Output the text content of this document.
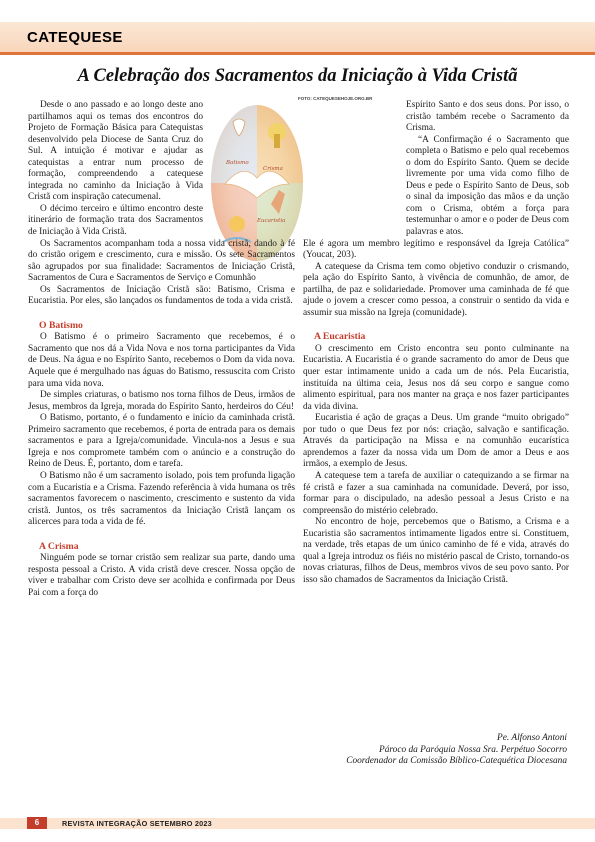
CATEQUESE
A Celebração dos Sacramentos da Iniciação à Vida Cristã
FOTO: CATEQUESEHOJE.ORG.BR
Batismo
Crisma
Eucaristia

Desde o ano passado e ao longo deste ano partilhamos aqui os temas dos encontros do Projeto de Formação Básica para Catequistas desenvolvido pela Diocese de Santa Cruz do Sul. A intuição é motivar e ajudar as catequistas a entrar num processo de formação, compreendendo a catequese integrada no caminho da Iniciação à Vida Cristã com inspiração catecumenal.

O décimo terceiro e último encontro deste itinerário de formação trata dos Sacramentos de Iniciação à Vida Cristã.

Os Sacramentos acompanham toda a nossa vida cristã, dando à fé do cristão origem e crescimento, cura e missão. Os sete Sacramentos são agrupados por sua finalidade: Sacramentos de Iniciação Cristã, Sacramentos de Cura e Sacramentos de Serviço e Comunhão

Os Sacramentos de Iniciação Cristã são: Batismo, Crisma e Eucaristia. Por eles, são lançados os fundamentos de toda a vida cristã.

O Batismo

O Batismo é o primeiro Sacramento que recebemos, é o Sacramento que nos dá a Vida Nova e nos torna participantes da Vida de Deus. Na água e no Espírito Santo, recebemos o Dom da vida nova. Aquele que é mergulhado nas águas do Batismo, ressuscita com Cristo para uma vida nova.

De simples criaturas, o batismo nos torna filhos de Deus, irmãos de Jesus, membros da Igreja, morada do Espírito Santo, herdeiros do Céu!

O Batismo, portanto, é o fundamento e início da caminhada cristã. Primeiro sacramento que recebemos, é porta de entrada para os demais sacramentos e para a Igreja/comunidade. Vincula-nos a Jesus e sua Igreja e nos compromete também com o anúncio e a construção do Reino de Deus. É, portanto, dom e tarefa.

O Batismo não é um sacramento isolado, pois tem profunda ligação com a Eucaristia e a Crisma. Fazendo referência à vida humana os três sacramentos favorecem o nascimento, crescimento e sustento da vida cristã. Juntos, os três sacramentos da Iniciação Cristã lançam os alicerces para toda a vida de fé.

A Crisma

Ninguém pode se tornar cristão sem realizar sua parte, dando uma resposta pessoal a Cristo. A vida cristã deve crescer. Nossa opção de viver e trabalhar com Cristo deve ser acolhida e confirmada por Deus Pai com a força do

Espírito Santo e dos seus dons. Por isso, o cristão também recebe o Sacramento da Crisma.

“A Confirmação é o Sacramento que completa o Batismo e pelo qual recebemos o dom do Espírito Santo. Quem se decide livremente por uma vida como filho de Deus e pede o Espírito Santo de Deus, sob o sinal da imposição das mãos e da unção com o Crisma, obtém a força para testemunhar o amor e o poder de Deus com palavras e atos.

Ele é agora um membro legítimo e responsável da Igreja Católica” (Youcat, 203).

A catequese da Crisma tem como objetivo conduzir o crismando, pela ação do Espírito Santo, à vivência de comunhão, de amor, de partilha, de paz e solidariedade. Promover uma caminhada de fé que ajude o jovem a crescer como pessoa, a construir o sentido da vida e assumir sua missão na Igreja (comunidade).

A Eucaristia

O crescimento em Cristo encontra seu ponto culminante na Eucaristia. A Eucaristia é o grande sacramento do amor de Deus que quer estar intimamente unido a cada um de nós. Pela Eucaristia, instituída na última ceia, Jesus nos dá seu corpo e sangue como alimento espiritual, para nos manter na graça e nos fazer participantes da vida divina.

Eucaristia é ação de graças a Deus. Um grande “muito obrigado” por tudo o que Deus fez por nós: criação, salvação e santificação. Através da participação na Missa e na comunhão eucarística aprendemos a fazer da nossa vida um Dom de amor a Deus e aos irmãos, a exemplo de Jesus.

A catequese tem a tarefa de auxiliar o catequizando a se firmar na fé cristã e fazer a sua caminhada na comunidade. Deverá, por isso, formar para o discipulado, na adesão pessoal a Jesus Cristo e na compreensão do mistério celebrado.

No encontro de hoje, percebemos que o Batismo, a Crisma e a Eucaristia são sacramentos intimamente ligados entre si. Constituem, na verdade, três etapas de um único caminho de fé e vida, através do qual a Igreja introduz os fiéis no mistério pascal de Cristo, tornando-os novas criaturas, filhos de Deus, membros vivos de seu povo santo. Por isso são chamados de Sacramentos da Iniciação Cristã.

Pe. Alfonso Antoni
Pároco da Paróquia Nossa Sra. Perpétuo Socorro
Coordenador da Comissão Bíblico-Catequética Diocesana
6	REVISTA INTEGRAÇÃO SETEMBRO 2023
